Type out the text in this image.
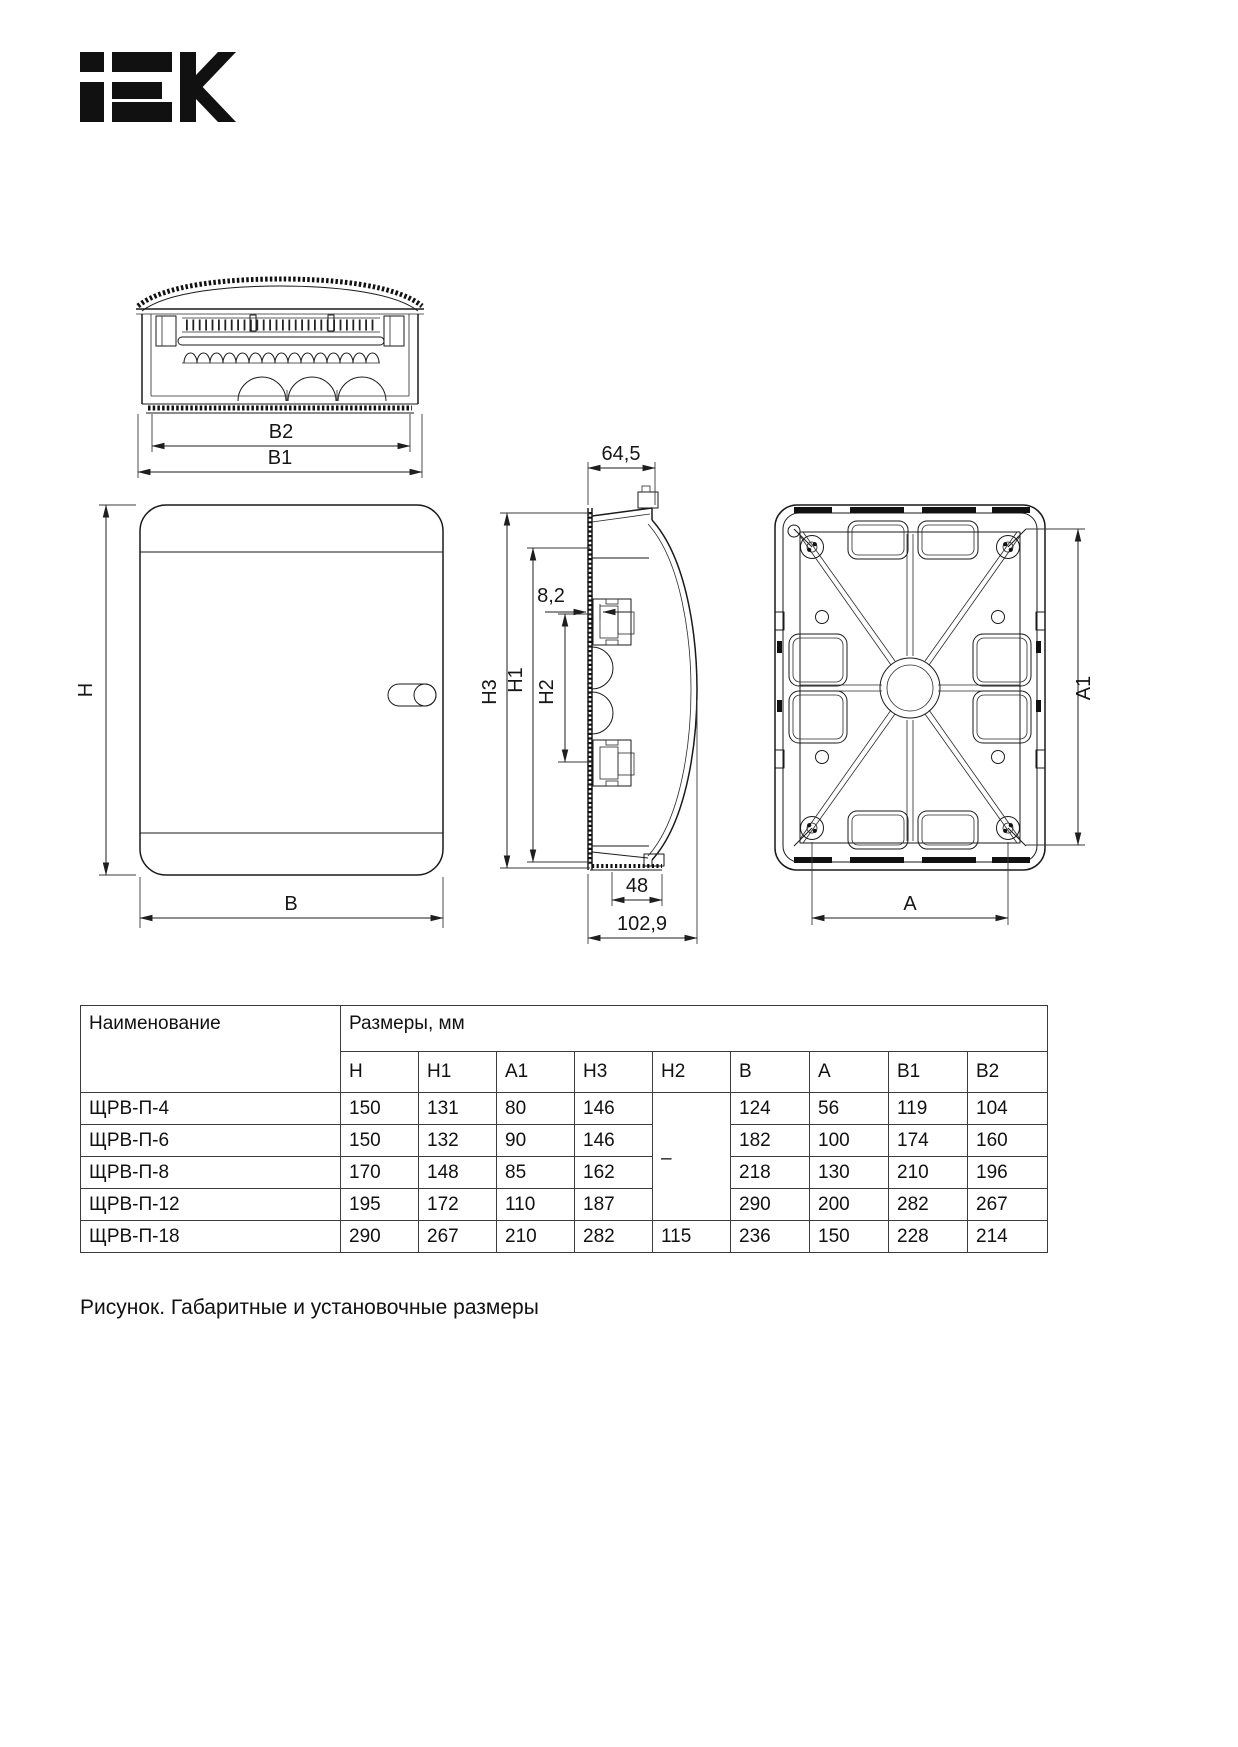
B2
B1
H
B
64,5
H3 H1 H2
8,2
48
102,9
A1
A
Наименование	Размеры, мм								
	H	H1	A1	H3	H2	B	A	B1	B2
ЩРВ-П-4	150	131	80	146	–	124	56	119	104
ЩРВ-П-6	150	132	90	146		182	100	174	160
ЩРВ-П-8	170	148	85	162		218	130	210	196
ЩРВ-П-12	195	172	110	187		290	200	282	267
ЩРВ-П-18	290	267	210	282	115	236	150	228	214
Рисунок. Габаритные и установочные размеры
